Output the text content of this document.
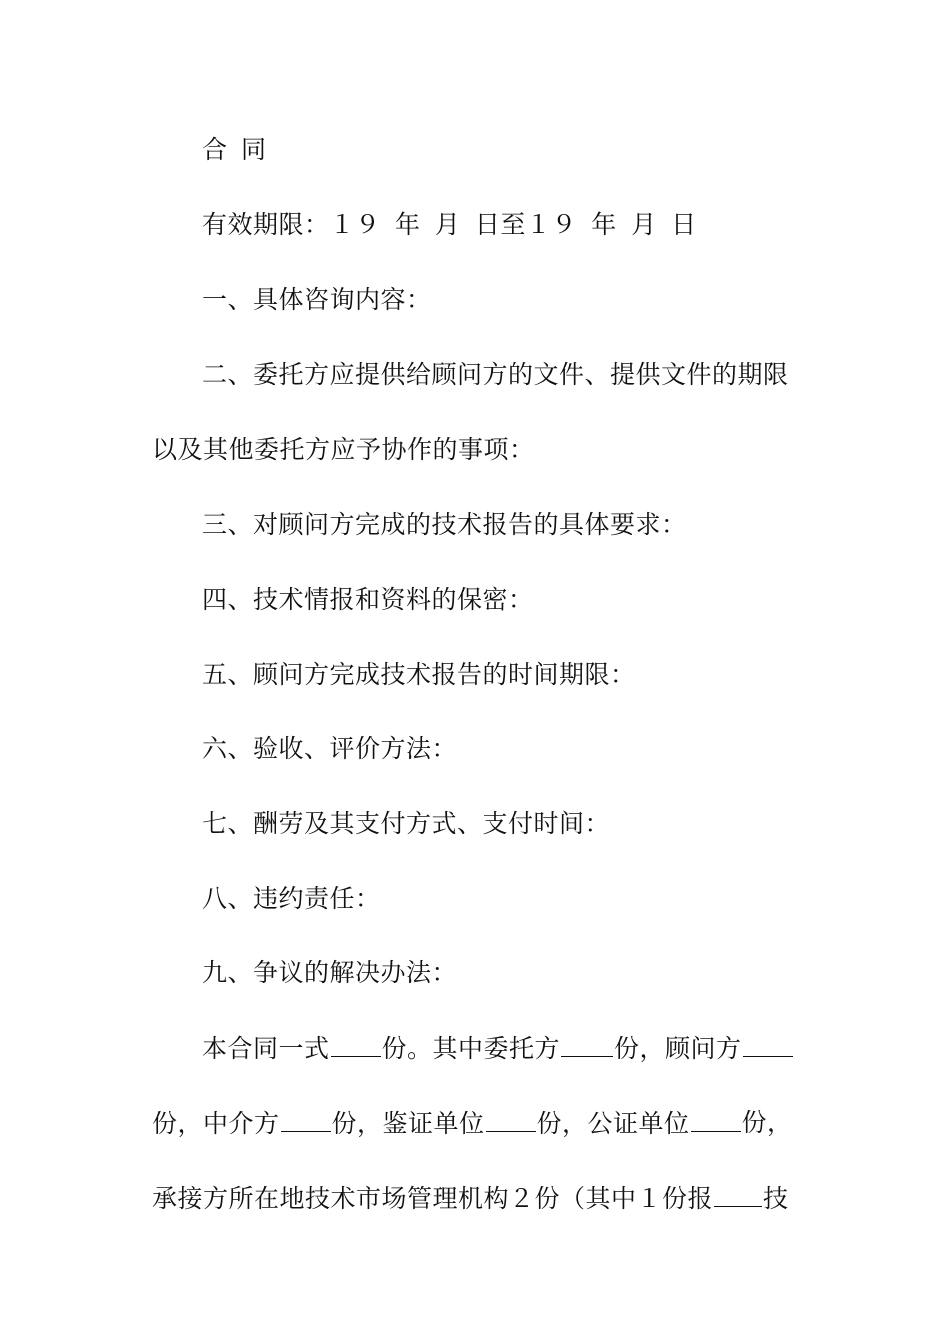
合 同
有效期限：１９ 年 月 日至１９ 年 月 日
一、具体咨询内容：
二、委托方应提供给顾问方的文件、提供文件的期限
以及其他委托方应予协作的事项：
三、对顾问方完成的技术报告的具体要求：
四、技术情报和资料的保密：
五、顾问方完成技术报告的时间期限：
六、验收、评价方法：
七、酬劳及其支付方式、支付时间：
八、违约责任：
九、争议的解决办法：
本合同一式 份。其中委托方 份，顾问方
份，中介方	份，鉴证单位	份，公证单位	份，
承接方所在地技术市场管理机构２份（其中１份报 技
